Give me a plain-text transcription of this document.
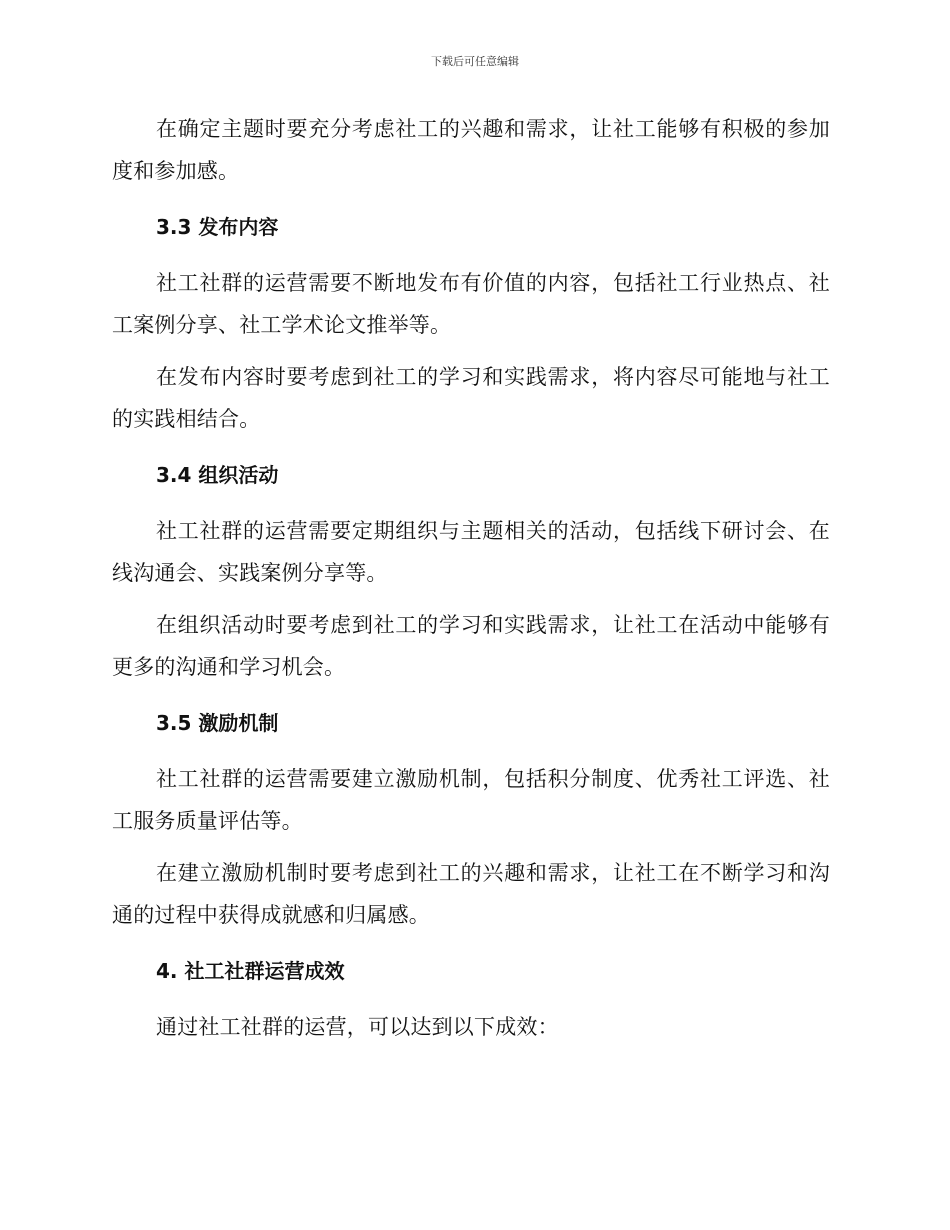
下载后可任意编辑

在确定主题时要充分考虑社工的兴趣和需求，让社工能够有积极的参加度和参加感。

3.3 发布内容

社工社群的运营需要不断地发布有价值的内容，包括社工行业热点、社工案例分享、社工学术论文推举等。

在发布内容时要考虑到社工的学习和实践需求，将内容尽可能地与社工的实践相结合。

3.4 组织活动

社工社群的运营需要定期组织与主题相关的活动，包括线下研讨会、在线沟通会、实践案例分享等。

在组织活动时要考虑到社工的学习和实践需求，让社工在活动中能够有更多的沟通和学习机会。

3.5 激励机制

社工社群的运营需要建立激励机制，包括积分制度、优秀社工评选、社工服务质量评估等。

在建立激励机制时要考虑到社工的兴趣和需求，让社工在不断学习和沟通的过程中获得成就感和归属感。

4. 社工社群运营成效

通过社工社群的运营，可以达到以下成效：
